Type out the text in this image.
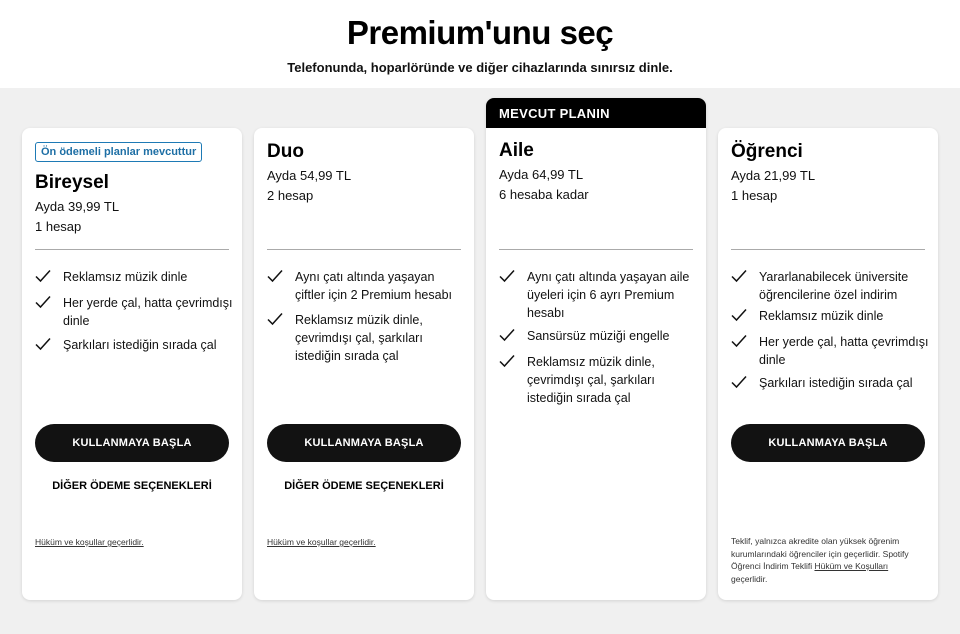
Premium'unu seç

Telefonunda, hoparlöründe ve diğer cihazlarında sınırsız dinle.

Ön ödemeli planlar mevcuttur
Bireysel
Ayda 39,99 TL
1 hesap
Reklamsız müzik dinle
Her yerde çal, hatta çevrimdışı dinle
Şarkıları istediğin sırada çal
KULLANMAYA BAŞLA
DİĞER ÖDEME SEÇENEKLERİ
Hüküm ve koşullar geçerlidir.
Duo
Ayda 54,99 TL
2 hesap
Aynı çatı altında yaşayan çiftler için 2 Premium hesabı
Reklamsız müzik dinle, çevrimdışı çal, şarkıları istediğin sırada çal
KULLANMAYA BAŞLA
DİĞER ÖDEME SEÇENEKLERİ
Hüküm ve koşullar geçerlidir.
MEVCUT PLANIN
Aile
Ayda 64,99 TL
6 hesaba kadar
Aynı çatı altında yaşayan aile üyeleri için 6 ayrı Premium hesabı
Sansürsüz müziği engelle
Reklamsız müzik dinle, çevrimdışı çal, şarkıları istediğin sırada çal
Öğrenci
Ayda 21,99 TL
1 hesap
Yararlanabilecek üniversite öğrencilerine özel indirim
Reklamsız müzik dinle
Her yerde çal, hatta çevrimdışı dinle
Şarkıları istediğin sırada çal
KULLANMAYA BAŞLA
Teklif, yalnızca akredite olan yüksek öğrenim kurumlarındaki öğrenciler için geçerlidir. Spotify Öğrenci İndirim Teklifi Hüküm ve Koşulları geçerlidir.
